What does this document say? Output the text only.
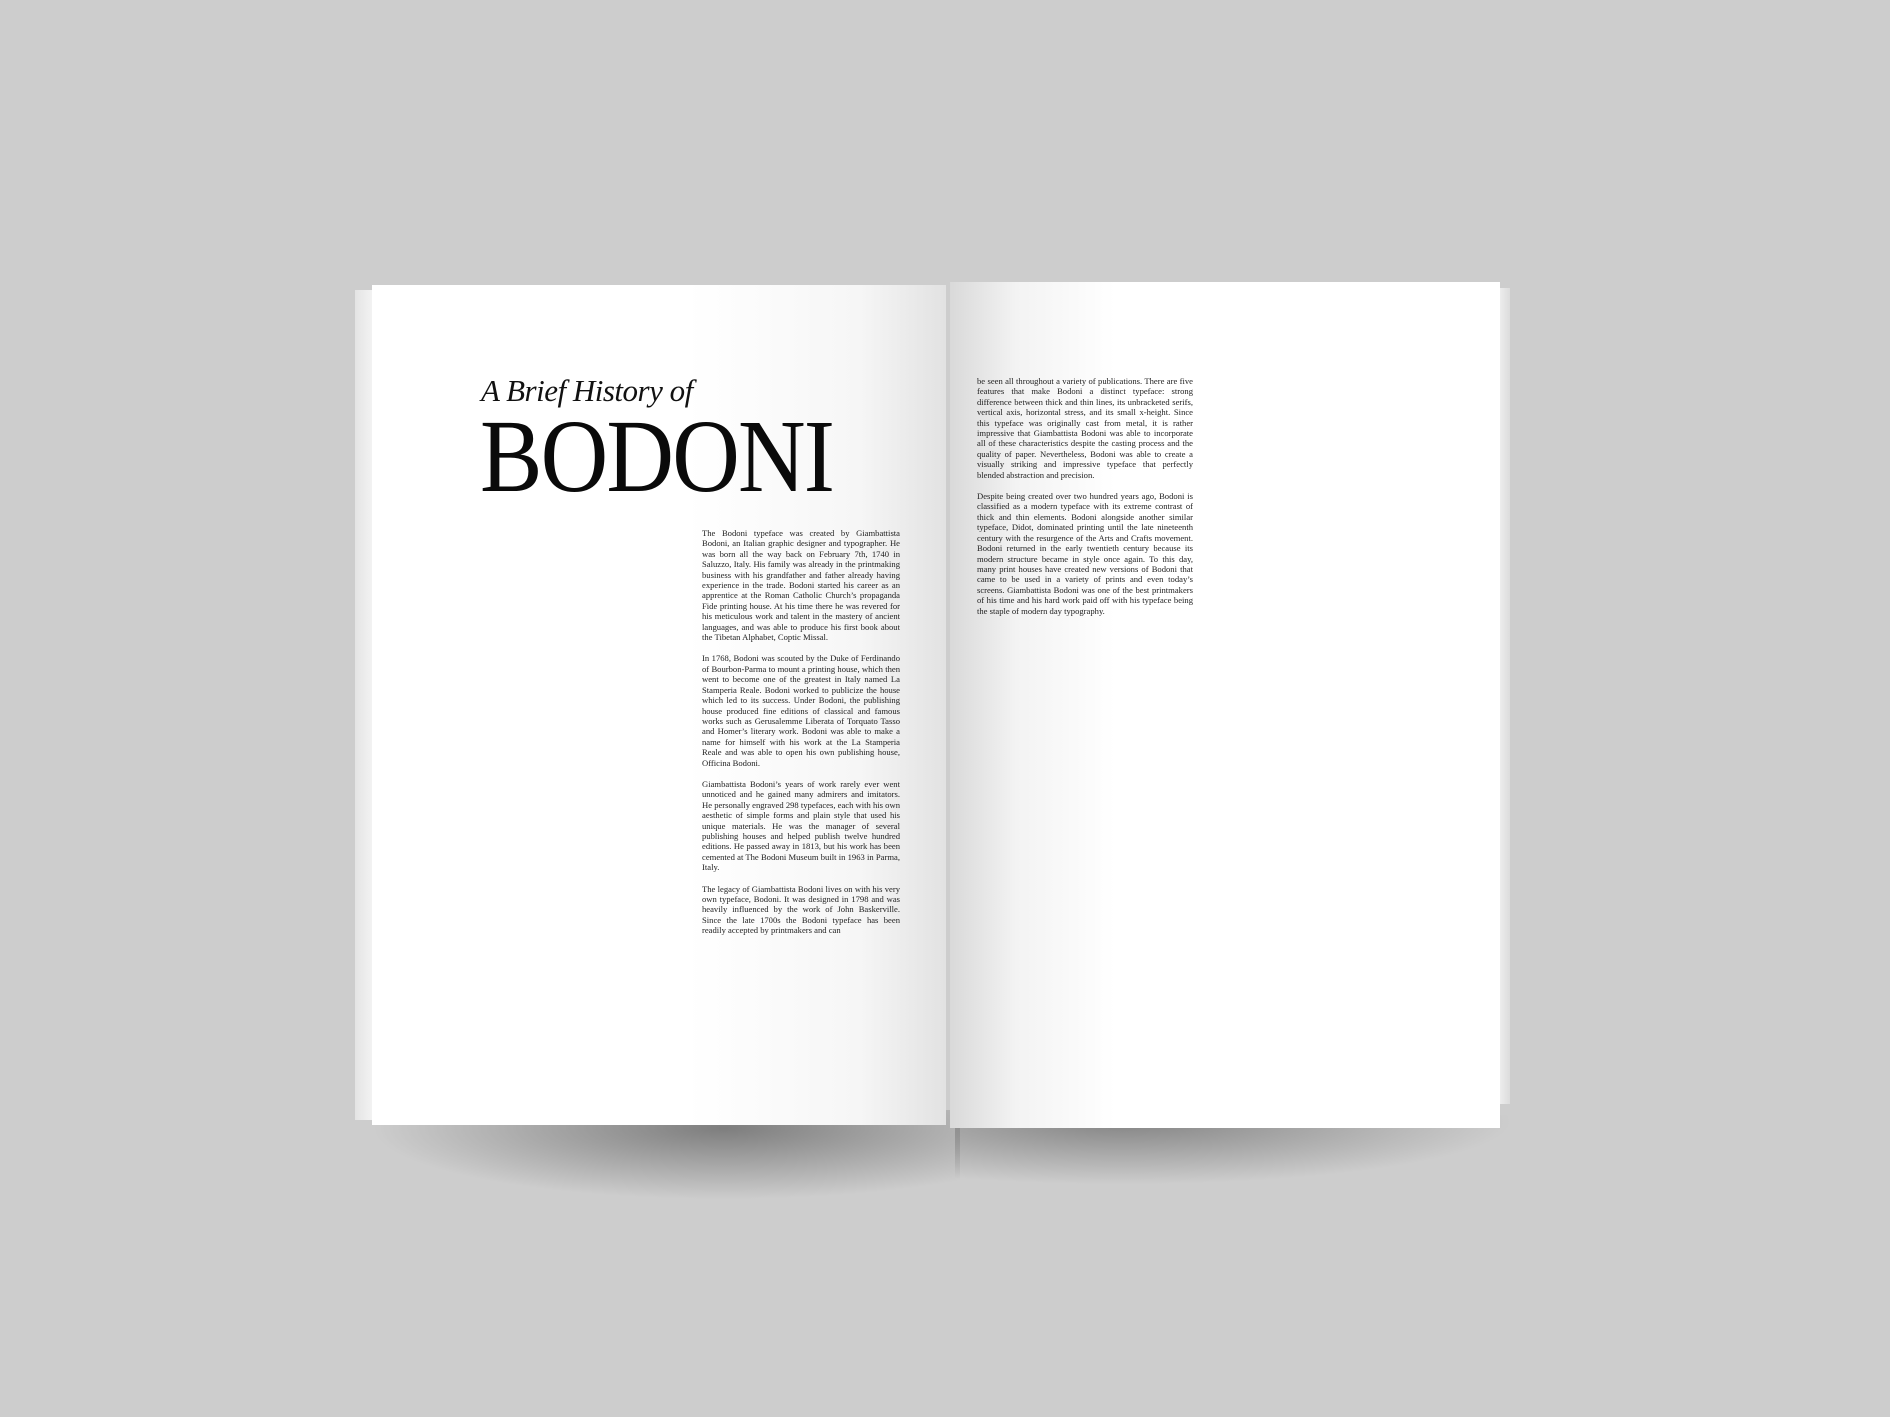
A Brief History of
BODONI

The Bodoni typeface was created by Giambattista Bodoni, an Italian graphic designer and typographer. He was born all the way back on February 7th, 1740 in Saluzzo, Italy. His family was already in the printmaking business with his grandfather and father already having experience in the trade. Bodoni started his career as an apprentice at the Roman Catholic Church’s propaganda Fide printing house. At his time there he was revered for his meticulous work and talent in the mastery of ancient languages, and was able to produce his first book about the Tibetan Alphabet, Coptic Missal.

In 1768, Bodoni was scouted by the Duke of Ferdinando of Bourbon-Parma to mount a printing house, which then went to become one of the greatest in Italy named La Stamperia Reale. Bodoni worked to publicize the house which led to its success. Under Bodoni, the publishing house produced fine editions of classical and famous works such as Gerusalemme Liberata of Torquato Tasso and Homer’s literary work. Bodoni was able to make a name for himself with his work at the La Stamperia Reale and was able to open his own publishing house, Officina Bodoni.

Giambattista Bodoni’s years of work rarely ever went unnoticed and he gained many admirers and imitators. He personally engraved 298 typefaces, each with his own aesthetic of simple forms and plain style that used his unique materials. He was the manager of several publishing houses and helped publish twelve hundred editions. He passed away in 1813, but his work has been cemented at The Bodoni Museum built in 1963 in Parma, Italy.

The legacy of Giambattista Bodoni lives on with his very own typeface, Bodoni. It was designed in 1798 and was heavily influenced by the work of John Baskerville. Since the late 1700s the Bodoni typeface has been readily accepted by printmakers and can

be seen all throughout a variety of publications. There are five features that make Bodoni a distinct typeface: strong difference between thick and thin lines, its unbracketed serifs, vertical axis, horizontal stress, and its small x-height. Since this typeface was originally cast from metal, it is rather impressive that Giambattista Bodoni was able to incorporate all of these characteristics despite the casting process and the quality of paper. Nevertheless, Bodoni was able to create a visually striking and impressive typeface that perfectly blended abstraction and precision.

Despite being created over two hundred years ago, Bodoni is classified as a modern typeface with its extreme contrast of thick and thin elements. Bodoni alongside another similar typeface, Didot, dominated printing until the late nineteenth century with the resurgence of the Arts and Crafts movement. Bodoni returned in the early twentieth century because its modern structure became in style once again. To this day, many print houses have created new versions of Bodoni that came to be used in a variety of prints and even today’s screens. Giambattista Bodoni was one of the best printmakers of his time and his hard work paid off with his typeface being the staple of modern day typography.
